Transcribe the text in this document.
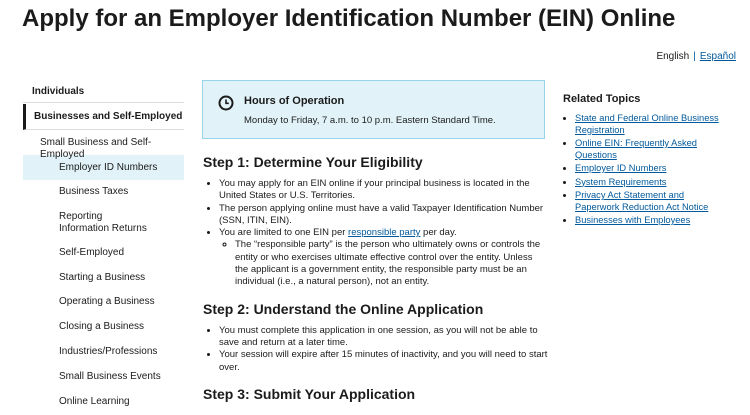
Apply for an Employer Identification Number (EIN) Online
English | Español
Individuals
Businesses and Self-Employed
Small Business and Self-Employed
Employer ID Numbers
Business Taxes
Reporting Information Returns
Self-Employed
Starting a Business
Operating a Business
Closing a Business
Industries/Professions
Small Business Events
Online Learning
Hours of Operation
Monday to Friday, 7 a.m. to 10 p.m. Eastern Standard Time.
Step 1: Determine Your Eligibility
• You may apply for an EIN online if your principal business is located in the United States or U.S. Territories.
• The person applying online must have a valid Taxpayer Identification Number (SSN, ITIN, EIN).
• You are limited to one EIN per responsible party per day.
◦ The “responsible party” is the person who ultimately owns or controls the entity or who exercises ultimate effective control over the entity. Unless the applicant is a government entity, the responsible party must be an individual (i.e., a natural person), not an entity.
Step 2: Understand the Online Application
• You must complete this application in one session, as you will not be able to save and return at a later time.
• Your session will expire after 15 minutes of inactivity, and you will need to start over.
Step 3: Submit Your Application
Related Topics
• State and Federal Online Business Registration
• Online EIN: Frequently Asked Questions
• Employer ID Numbers
• System Requirements
• Privacy Act Statement and Paperwork Reduction Act Notice
• Businesses with Employees
